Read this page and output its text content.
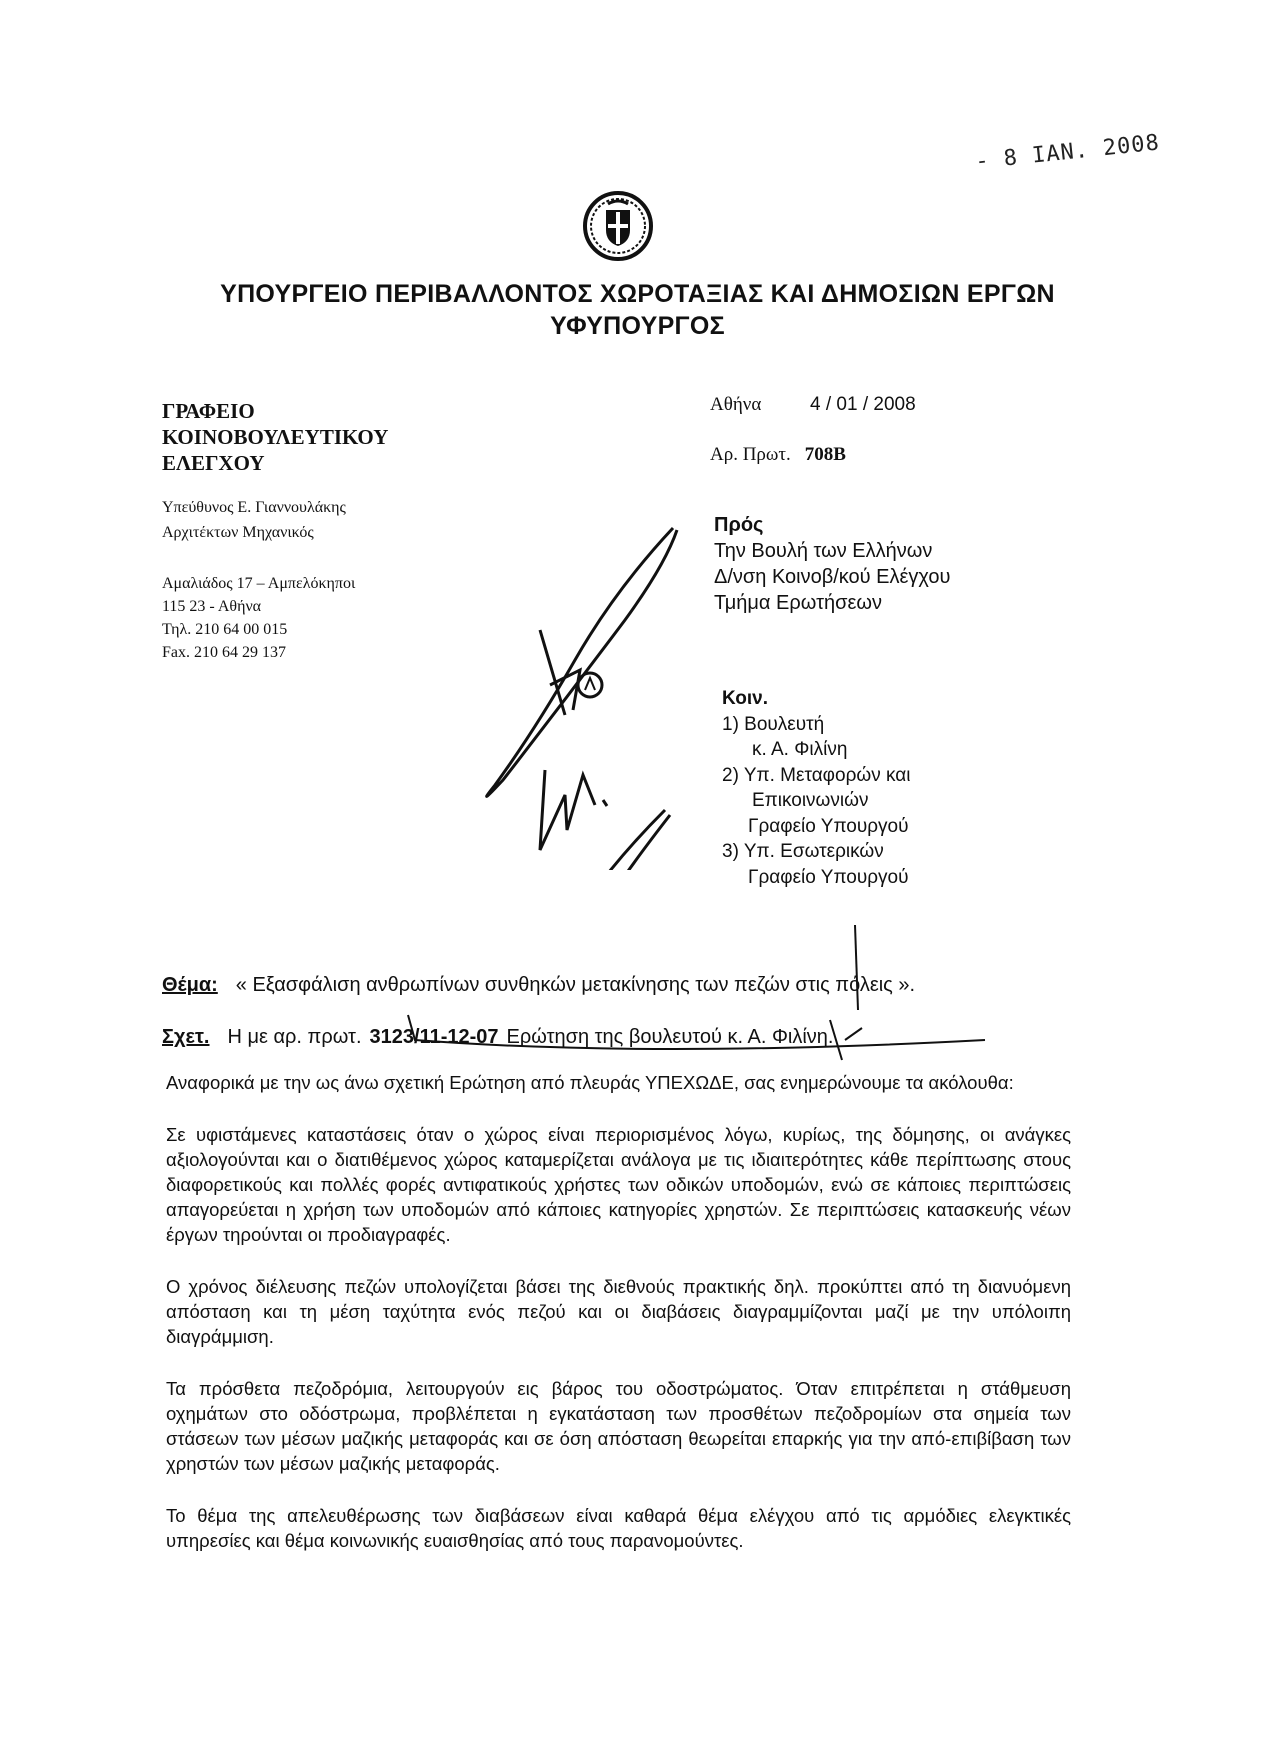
- 8 IAN. 2008
ΥΠΟΥΡΓΕΙΟ ΠΕΡΙΒΑΛΛΟΝΤΟΣ ΧΩΡΟΤΑΞΙΑΣ ΚΑΙ ΔΗΜΟΣΙΩΝ ΕΡΓΩΝ
ΥΦΥΠΟΥΡΓΟΣ
ΓΡΑΦΕΙΟ
ΚΟΙΝΟΒΟΥΛΕΥΤΙΚΟΥ
ΕΛΕΓΧΟΥ
Υπεύθυνος Ε. Γιαννουλάκης
Αρχιτέκτων Μηχανικός
Αμαλιάδος 17 – Αμπελόκηποι
115 23 - Αθήνα
Τηλ. 210 64 00 015
Fax. 210 64 29 137
Αθήνα	4 / 01 / 2008
Αρ. Πρωτ. 708Β
Πρός
Την Βουλή των Ελλήνων
Δ/νση Κοινοβ/κού Ελέγχου
Τμήμα Ερωτήσεων
Κοιν.
1) Βουλευτή
κ. Α. Φιλίνη
2) Υπ. Μεταφορών και
Επικοινωνιών
Γραφείο Υπουργού
3) Υπ. Εσωτερικών
Γραφείο Υπουργού
Θέμα: « Εξασφάλιση ανθρωπίνων συνθηκών μετακίνησης των πεζών στις πόλεις ».
Σχετ. Η με αρ. πρωτ. 3123/11-12-07 Ερώτηση της βουλευτού κ. Α. Φιλίνη.

Αναφορικά με την ως άνω σχετική Ερώτηση από πλευράς ΥΠΕΧΩΔΕ, σας ενημερώνουμε τα ακόλουθα:

Σε υφιστάμενες καταστάσεις όταν ο χώρος είναι περιορισμένος λόγω, κυρίως, της δόμησης, οι ανάγκες αξιολογούνται και ο διατιθέμενος χώρος καταμερίζεται ανάλογα με τις ιδιαιτερότητες κάθε περίπτωσης στους διαφορετικούς και πολλές φορές αντιφατικούς χρήστες των οδικών υποδομών, ενώ σε κάποιες περιπτώσεις απαγορεύεται η χρήση των υποδομών από κάποιες κατηγορίες χρηστών. Σε περιπτώσεις κατασκευής νέων έργων τηρούνται οι προδιαγραφές.

Ο χρόνος διέλευσης πεζών υπολογίζεται βάσει της διεθνούς πρακτικής δηλ. προκύπτει από τη διανυόμενη απόσταση και τη μέση ταχύτητα ενός πεζού και οι διαβάσεις διαγραμμίζονται μαζί με την υπόλοιπη διαγράμμιση.

Τα πρόσθετα πεζοδρόμια, λειτουργούν εις βάρος του οδοστρώματος. Όταν επιτρέπεται η στάθμευση οχημάτων στο οδόστρωμα, προβλέπεται η εγκατάσταση των προσθέτων πεζοδρομίων στα σημεία των στάσεων των μέσων μαζικής μεταφοράς και σε όση απόσταση θεωρείται επαρκής για την από-επιβίβαση των χρηστών των μέσων μαζικής μεταφοράς.

Το θέμα της απελευθέρωσης των διαβάσεων είναι καθαρά θέμα ελέγχου από τις αρμόδιες ελεγκτικές υπηρεσίες και θέμα κοινωνικής ευαισθησίας από τους παρανομούντες.
